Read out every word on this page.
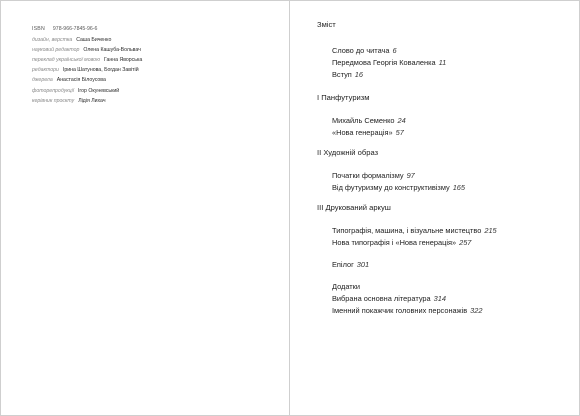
ISBN 978-966-7845-96-6
дизайн, верстка Саша Биченко
науковий редактор Олена Кашуба-Вольвач
переклад української мовою Ганна Яворська
редактори Ірина Шатунова, Богдан Завітій
джерела Анастасія Білоусова
фоторепродукції Ігор Окуневський
керівник проєкту Лідія Лихач
Зміст
Слово до читача 6
Передмова Георгія Коваленка 11
Вступ 16
I Панфутуризм
Михайль Семенко 24
«Нова генерація» 57
II Художній образ
Початки формалізму 97
Від футуризму до конструктивізму 165
III Друкований аркуш
Типографія, машина, і візуальне мистецтво 215
Нова типографія і «Нова генерація» 257
Епілог 301
Додатки
Вибрана основна література 314
Іменний покажчик головних персонажів 322
